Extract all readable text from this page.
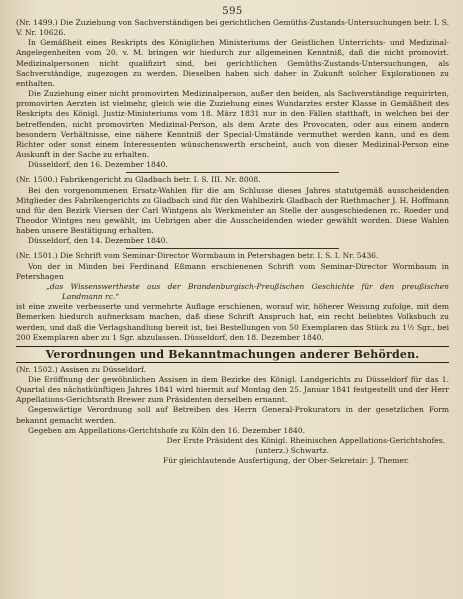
595

(Nr. 1499.) Die Zuziehung von Sachverständigen bei gerichtlichen Gemüths-Zustands-Untersuchungen betr. I. S. V. Nr. 10626.

In Gemäßheit eines Reskripts des Königlichen Ministeriums der Geistlichen Unterrichts- und Medizinal-Angelegenheiten vom 20. v. M. bringen wir hiedurch zur allgemeinen Kenntniß, daß die nicht promovirt. Medizinalpersonen nicht qualifizirt sind, bei gerichtlichen Gemüths-Zustands-Untersuchungen, als Sachverständige, zugezogen zu werden. Dieselben haben sich daher in Zukunft solcher Explorationen zu enthalten.

Die Zuziehung einer nicht promovirten Medizinalperson, außer den beiden, als Sachverständige requirirten, promovirten Aerzten ist vielmehr, gleich wie die Zuziehung eines Wundarztes erster Klasse in Gemäßheit des Reskripts des Königl. Justiz-Ministeriums vom 18. März 1831 nur in den Fällen statthaft, in welchen bei der betreffenden, nicht promovirten Medizinal-Person, als dem Arzte des Provocaten, oder aus einem andern besondern Verhältnisse, eine nähere Kenntniß der Special-Umstände vermuthet werden kann, und es dem Richter oder sonst einem Interessenten wünschenswerth erscheint, auch von dieser Medizinal-Person eine Auskunft in der Sache zu erhalten.

Düsseldorf, den 16. Dezember 1840.

(Nr. 1500.) Fabrikengericht zu Gladbach betr. I. S. III. Nr. 8008.

Bei den vorgenommenen Ersatz-Wahlen für die am Schlusse dieses Jahres statutgemäß ausscheidenden Mitglieder des Fabrikengerichts zu Gladbach sind für den Wahlbezirk Gladbach der Riethmacher J. H. Hoffmann und für den Bezirk Viersen der Carl Wintgens als Werkmeister an Stelle der ausgeschiedenen rc. Roeder und Theodor Wintges neu gewählt, im Uebrigen aber die Ausscheidenden wieder gewählt worden. Diese Wahlen haben unsere Bestätigung erhalten.

Düsseldorf, den 14. Dezember 1840.

(Nr. 1501.) Die Schrift vom Seminar-Director Wormbaum in Petershagen betr. I. S. I. Nr. 5436.

Von der in Minden bei Ferdinand Eßmann erschienenen Schrift vom Seminar-Director Wormbaum in Petershagen

„das Wissenswertheste aus der Brandenburgisch-Preußischen Geschichte für den preußischen Landmann rc.“

ist eine zweite verbesserte und vermehrte Auflage erschienen, worauf wir, höherer Weisung zufolge, mit dem Bemerken hiedurch aufmerksam machen, daß diese Schrift Anspruch hat, ein recht beliebtes Volksbuch zu werden, und daß die Verlagshandlung bereit ist, bei Bestellungen von 50 Exemplaren das Stück zu 1½ Sgr., bei 200 Exemplaren aber zu 1 Sgr. abzulassen. Düsseldorf, den 18. Dezember 1840.

Verordnungen und Bekanntmachungen anderer Behörden.

(Nr. 1502.) Assisen zu Düsseldorf.

Die Eröffnung der gewöhnlichen Assisen in dem Bezirke des Königl. Landgerichts zu Düsseldorf für das 1. Quartal des nächstkünftigen Jahres 1841 wird hiermit auf Montag den 25. Januar 1841 festgestellt und der Herr Appellations-Gerichtsrath Brewer zum Präsidenten derselben ernannt.

Gegenwärtige Verordnung soll auf Betreiben des Herrn General-Prokurators in der gesetzlichen Form bekannt gemacht werden.

Gegeben am Appellations-Gerichtshofe zu Köln den 16. Dezember 1840.

Der Erste Präsident des Königl. Rheinischen Appellations-Gerichtshofes.

(unterz.) Schwartz.

Für gleichlautende Ausfertigung, der Ober-Sekretair: J. Themer.
